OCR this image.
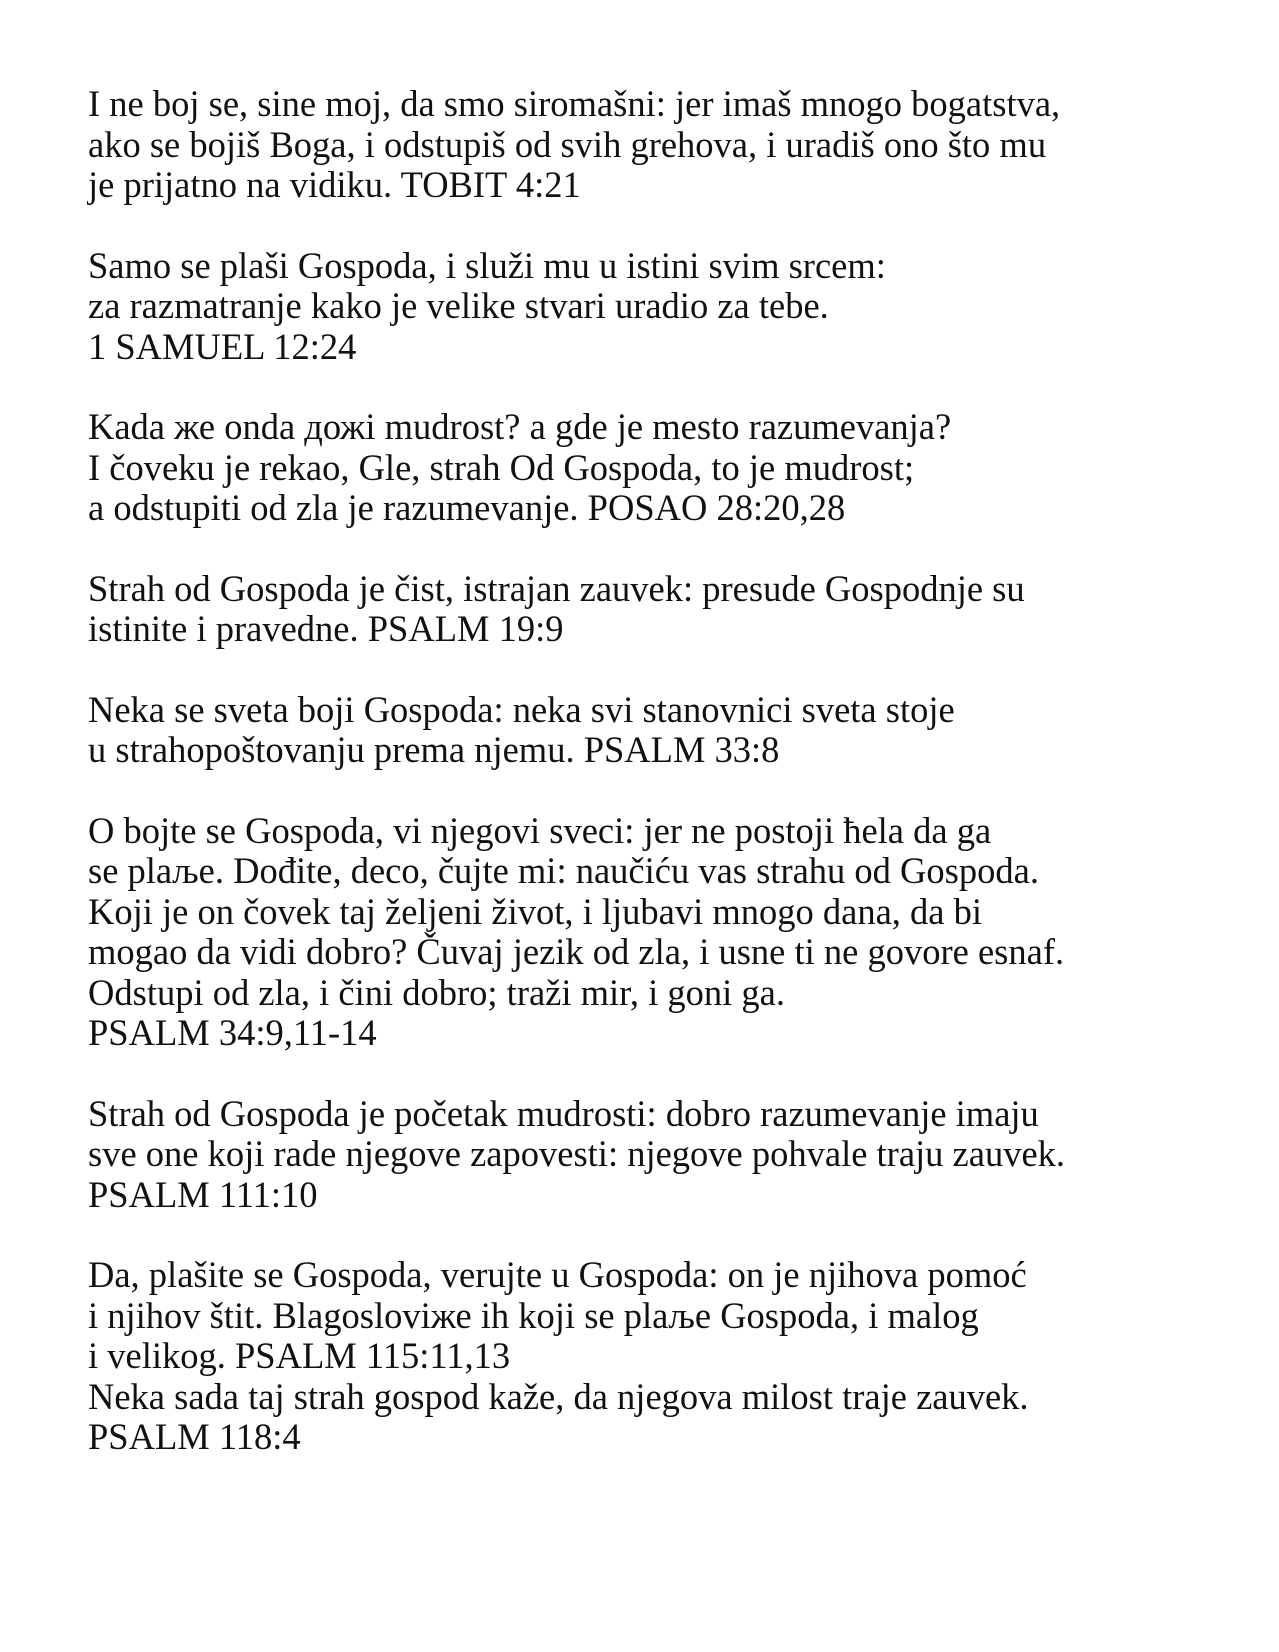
I ne boj se, sine moj, da smo siromašni: jer imaš mnogo bogatstva,
ako se bojiš Boga, i odstupiš od svih grehova, i uradiš ono što mu
je prijatno na vidiku. TOBIT 4:21
Samo se plaši Gospoda, i služi mu u istini svim srcem:
za razmatranje kako je velike stvari uradio za tebe.
1 SAMUEL 12:24
Kada же onda дожi mudrost? a gde je mesto razumevanja?
I čoveku je rekao, Gle, strah Od Gospoda, to je mudrost;
a odstupiti od zla je razumevanje. POSAO 28:20,28
Strah od Gospoda je čist, istrajan zauvek: presude Gospodnje su
istinite i pravedne. PSALM 19:9
Neka se sveta boji Gospoda: neka svi stanovnici sveta stoje
u strahopoštovanju prema njemu. PSALM 33:8
O bojte se Gospoda, vi njegovi sveci: jer ne postoji ћela da ga
se plaљe. Dođite, deco, čujte mi: naučiću vas strahu od Gospoda.
Koji je on čovek taj željeni život, i ljubavi mnogo dana, da bi
mogao da vidi dobro? Čuvaj jezik od zla, i usne ti ne govore esnaf.
Odstupi od zla, i čini dobro; traži mir, i goni ga.
PSALM 34:9,11-14
Strah od Gospoda je početak mudrosti: dobro razumevanje imaju
sve one koji rade njegove zapovesti: njegove pohvale traju zauvek.
PSALM 111:10
Da, plašite se Gospoda, verujte u Gospoda: on je njihova pomoć
i njihov štit. Blagosloviже ih koji se plaљe Gospoda, i malog
i velikog. PSALM 115:11,13
Neka sada taj strah gospod kaže, da njegova milost traje zauvek.
PSALM 118:4
